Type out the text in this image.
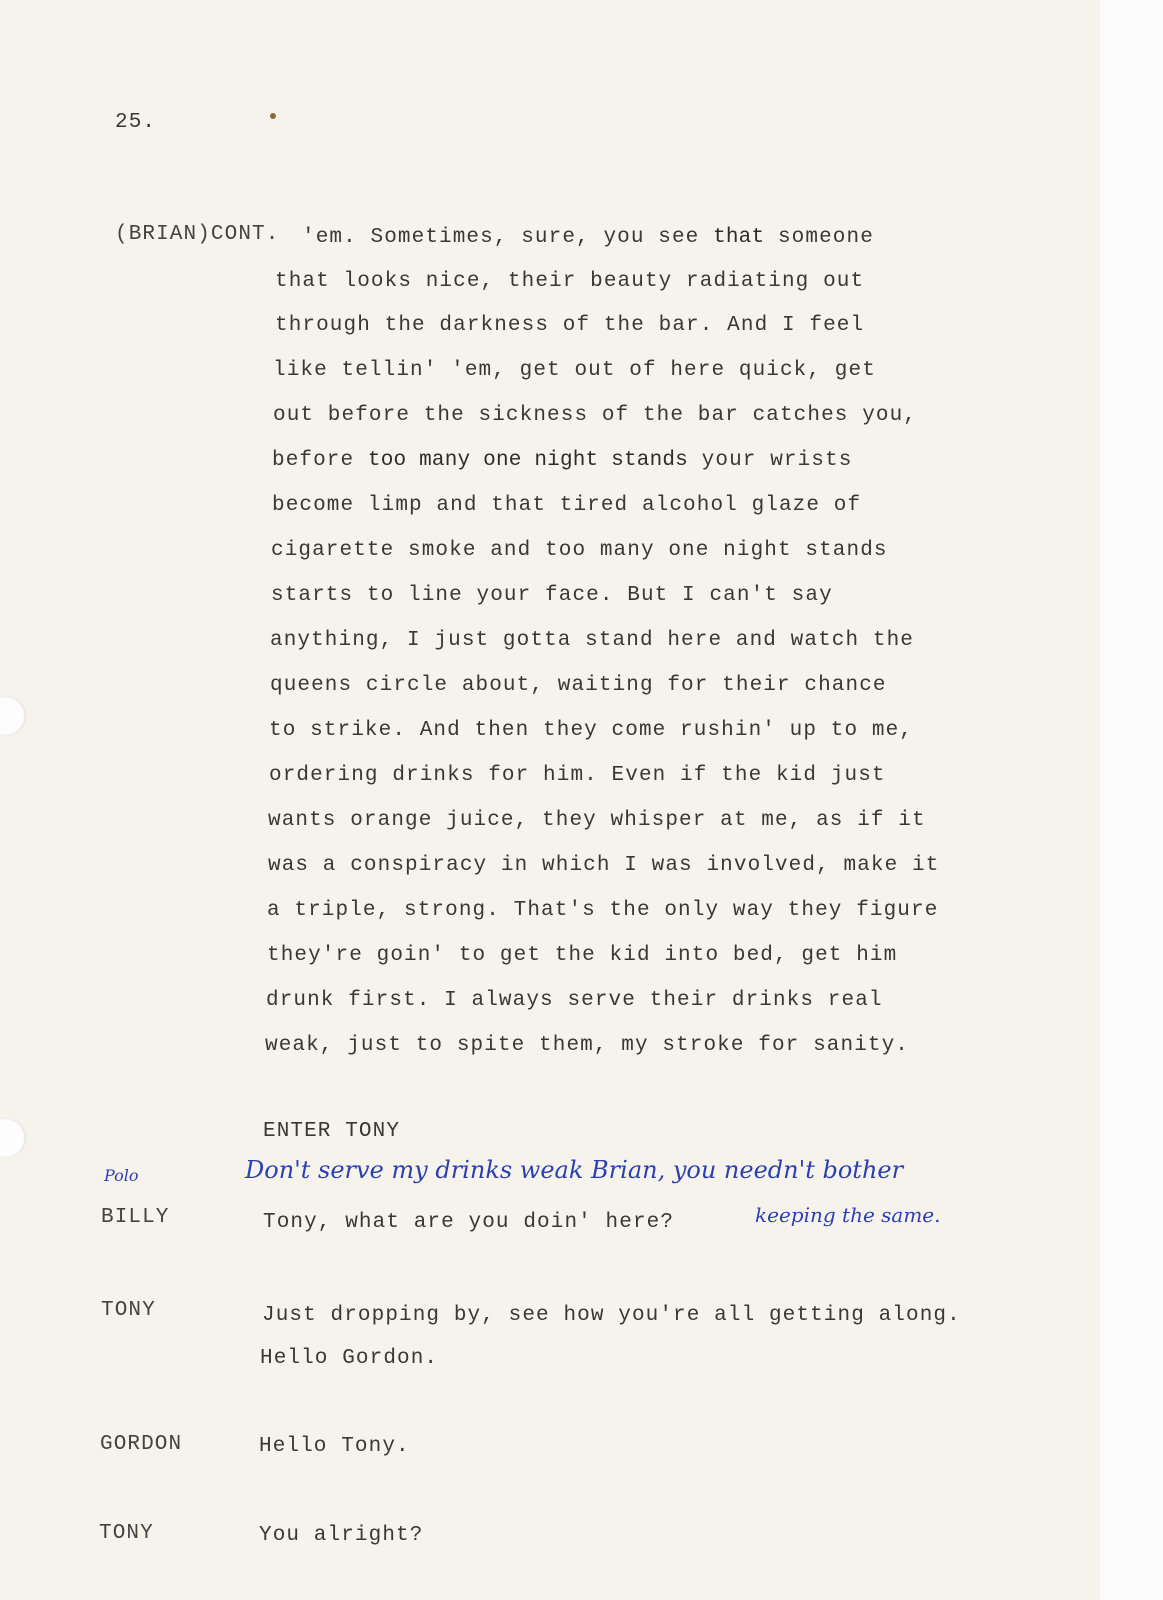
25.
(BRIAN)CONT. 'em. Sometimes, sure, you see that someone
that looks nice, their beauty radiating out
through the darkness of the bar. And I feel
like tellin' 'em, get out of here quick, get
out before the sickness of the bar catches you,
before too many one night stands your wrists
become limp and that tired alcohol glaze of
cigarette smoke and too many one night stands
starts to line your face. But I can't say
anything, I just gotta stand here and watch the
queens circle about, waiting for their chance
to strike. And then they come rushin' up to me,
ordering drinks for him. Even if the kid just
wants orange juice, they whisper at me, as if it
was a conspiracy in which I was involved, make it
a triple, strong. That's the only way they figure
they're goin' to get the kid into bed, get him
drunk first. I always serve their drinks real
weak, just to spite them, my stroke for sanity.
ENTER TONY
Polo	Don't serve my drinks weak Brian, you needn't bother
keeping the same.
BILLY	Tony, what are you doin' here?
TONY	Just dropping by, see how you're all getting along.
Hello Gordon.
GORDON	Hello Tony.
TONY	You alright?
